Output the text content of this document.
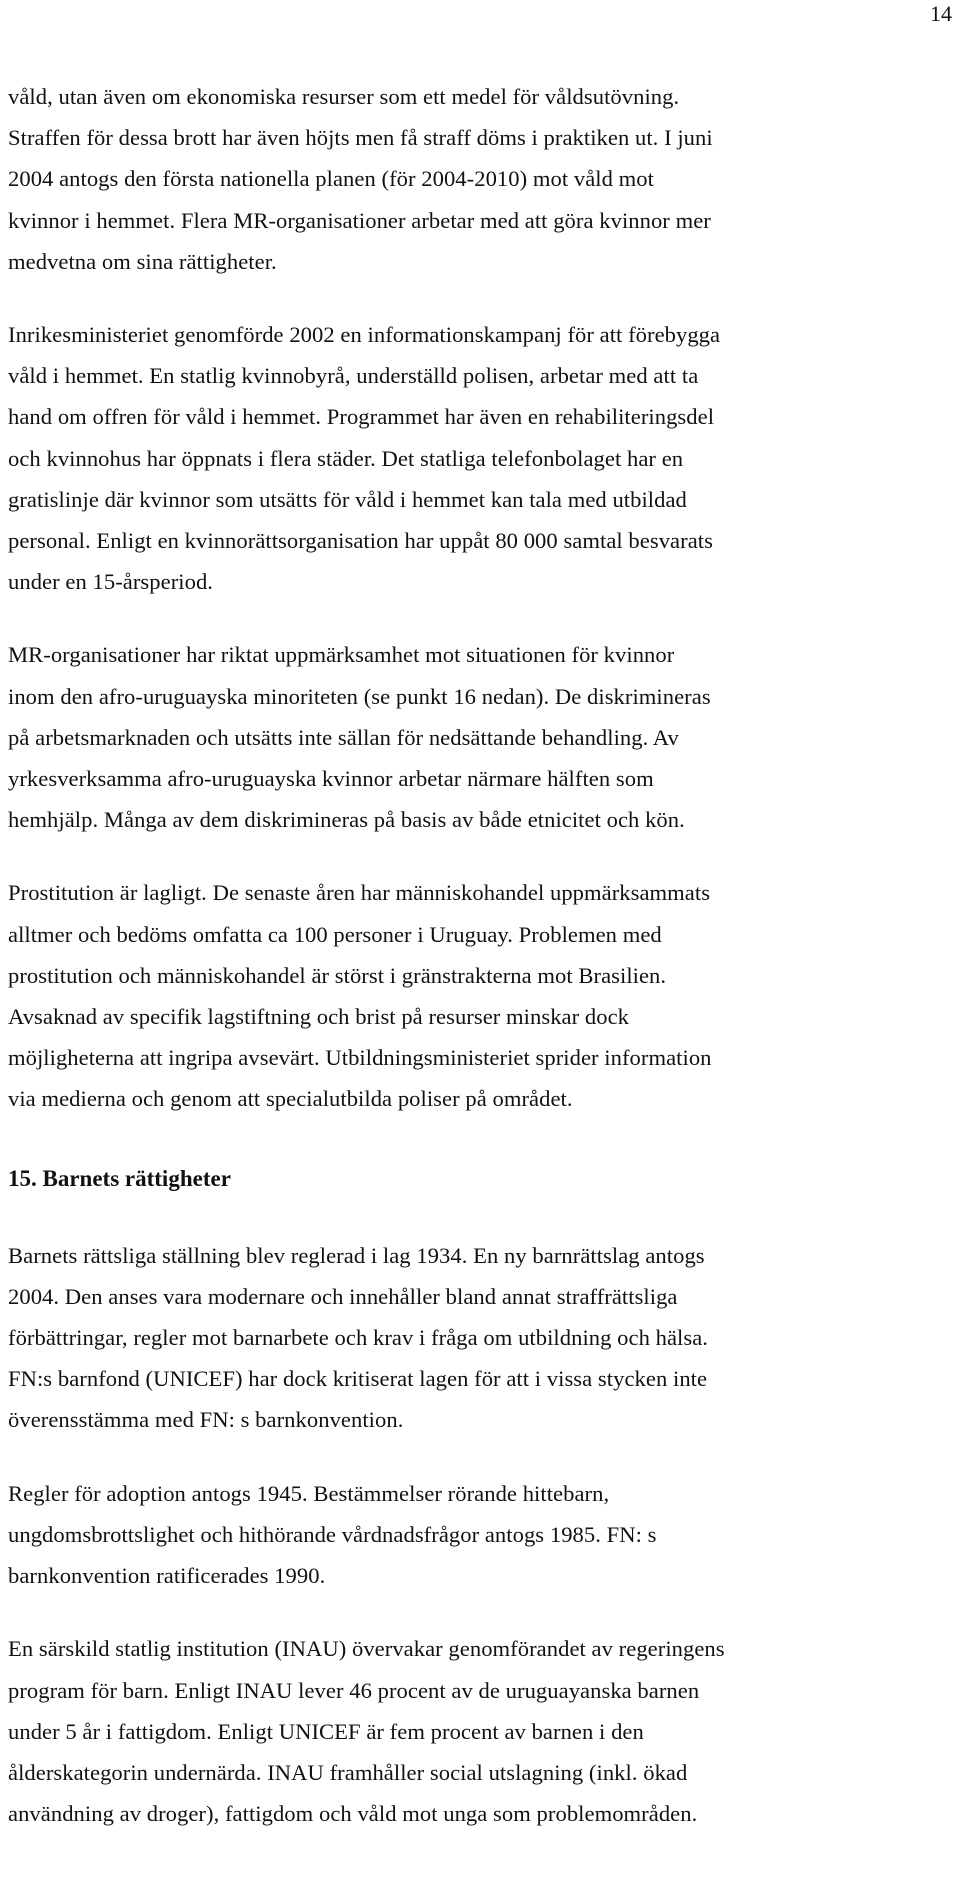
14

våld, utan även om ekonomiska resurser som ett medel för våldsutövning.
Straffen för dessa brott har även höjts men få straff döms i praktiken ut. I juni
2004 antogs den första nationella planen (för 2004-2010) mot våld mot
kvinnor i hemmet. Flera MR-organisationer arbetar med att göra kvinnor mer
medvetna om sina rättigheter.

Inrikesministeriet genomförde 2002 en informationskampanj för att förebygga
våld i hemmet. En statlig kvinnobyrå, underställd polisen, arbetar med att ta
hand om offren för våld i hemmet. Programmet har även en rehabiliteringsdel
och kvinnohus har öppnats i flera städer. Det statliga telefonbolaget har en
gratislinje där kvinnor som utsätts för våld i hemmet kan tala med utbildad
personal. Enligt en kvinnorättsorganisation har uppåt 80 000 samtal besvarats
under en 15-årsperiod.

MR-organisationer har riktat uppmärksamhet mot situationen för kvinnor
inom den afro-uruguayska minoriteten (se punkt 16 nedan). De diskrimineras
på arbetsmarknaden och utsätts inte sällan för nedsättande behandling. Av
yrkesverksamma afro-uruguayska kvinnor arbetar närmare hälften som
hemhjälp. Många av dem diskrimineras på basis av både etnicitet och kön.

Prostitution är lagligt. De senaste åren har människohandel uppmärksammats
alltmer och bedöms omfatta ca 100 personer i Uruguay. Problemen med
prostitution och människohandel är störst i gränstrakterna mot Brasilien.
Avsaknad av specifik lagstiftning och brist på resurser minskar dock
möjligheterna att ingripa avsevärt. Utbildningsministeriet sprider information
via medierna och genom att specialutbilda poliser på området.

15. Barnets rättigheter

Barnets rättsliga ställning blev reglerad i lag 1934. En ny barnrättslag antogs
2004. Den anses vara modernare och innehåller bland annat straffrättsliga
förbättringar, regler mot barnarbete och krav i fråga om utbildning och hälsa.
FN:s barnfond (UNICEF) har dock kritiserat lagen för att i vissa stycken inte
överensstämma med FN: s barnkonvention.

Regler för adoption antogs 1945. Bestämmelser rörande hittebarn,
ungdomsbrottslighet och hithörande vårdnadsfrågor antogs 1985. FN: s
barnkonvention ratificerades 1990.

En särskild statlig institution (INAU) övervakar genomförandet av regeringens
program för barn. Enligt INAU lever 46 procent av de uruguayanska barnen
under 5 år i fattigdom. Enligt UNICEF är fem procent av barnen i den
ålderskategorin undernärda. INAU framhåller social utslagning (inkl. ökad
användning av droger), fattigdom och våld mot unga som problemområden.
